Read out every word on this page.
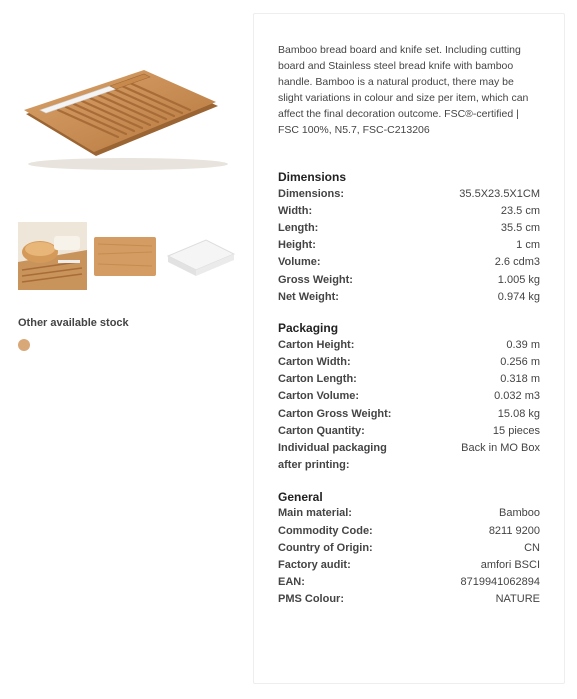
Other available stock
Bamboo bread board and knife set. Including cutting board and Stainless steel bread knife with bamboo handle. Bamboo is a natural product, there may be slight variations in colour and size per item, which can affect the final decoration outcome. FSC®-certified | FSC 100%, N5.7, FSC-C213206
Dimensions
Dimensions:	35.5X23.5X1CM
Width:	23.5 cm
Length:	35.5 cm
Height:	1 cm
Volume:	2.6 cdm3
Gross Weight:	1.005 kg
Net Weight:	0.974 kg
Packaging
Carton Height:	0.39 m
Carton Width:	0.256 m
Carton Length:	0.318 m
Carton Volume:	0.032 m3
Carton Gross Weight:	15.08 kg
Carton Quantity:	15 pieces
Individual packaging after printing:
Back in MO Box
General
Main material:	Bamboo
Commodity Code:	8211 9200
Country of Origin:	CN
Factory audit:	amfori BSCI
EAN:	8719941062894
PMS Colour:	NATURE
